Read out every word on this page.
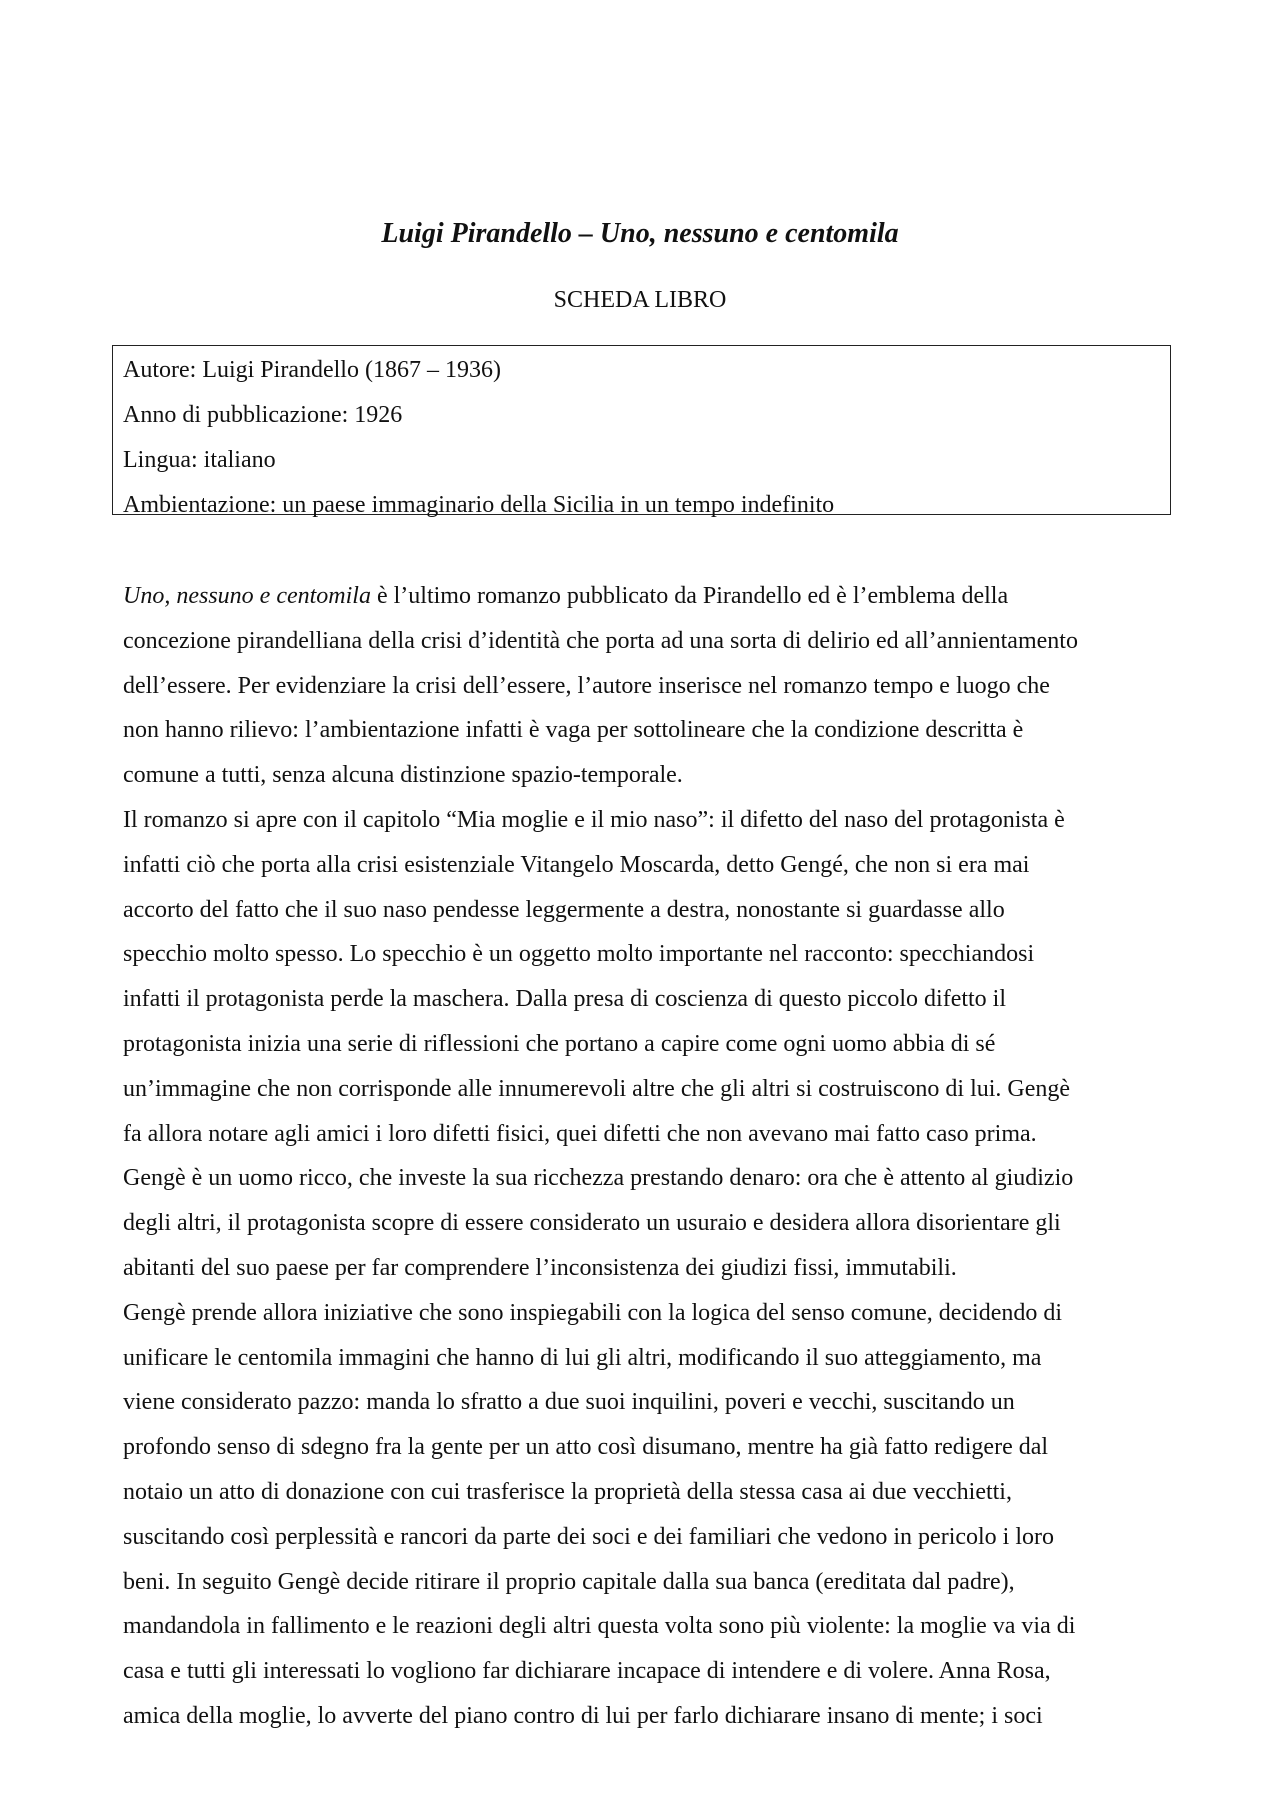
Luigi Pirandello – Uno, nessuno e centomila
SCHEDA LIBRO
Autore: Luigi Pirandello (1867 – 1936)
Anno di pubblicazione: 1926
Lingua: italiano
Ambientazione: un paese immaginario della Sicilia in un tempo indefinito
Uno, nessuno e centomila è l’ultimo romanzo pubblicato da Pirandello ed è l’emblema della
concezione pirandelliana della crisi d’identità che porta ad una sorta di delirio ed all’annientamento
dell’essere. Per evidenziare la crisi dell’essere, l’autore inserisce nel romanzo tempo e luogo che
non hanno rilievo: l’ambientazione infatti è vaga per sottolineare che la condizione descritta è
comune a tutti, senza alcuna distinzione spazio-temporale.
Il romanzo si apre con il capitolo “Mia moglie e il mio naso”: il difetto del naso del protagonista è
infatti ciò che porta alla crisi esistenziale Vitangelo Moscarda, detto Gengé, che non si era mai
accorto del fatto che il suo naso pendesse leggermente a destra, nonostante si guardasse allo
specchio molto spesso. Lo specchio è un oggetto molto importante nel racconto: specchiandosi
infatti il protagonista perde la maschera. Dalla presa di coscienza di questo piccolo difetto il
protagonista inizia una serie di riflessioni che portano a capire come ogni uomo abbia di sé
un’immagine che non corrisponde alle innumerevoli altre che gli altri si costruiscono di lui. Gengè
fa allora notare agli amici i loro difetti fisici, quei difetti che non avevano mai fatto caso prima.
Gengè è un uomo ricco, che investe la sua ricchezza prestando denaro: ora che è attento al giudizio
degli altri, il protagonista scopre di essere considerato un usuraio e desidera allora disorientare gli
abitanti del suo paese per far comprendere l’inconsistenza dei giudizi fissi, immutabili.
Gengè prende allora iniziative che sono inspiegabili con la logica del senso comune, decidendo di
unificare le centomila immagini che hanno di lui gli altri, modificando il suo atteggiamento, ma
viene considerato pazzo: manda lo sfratto a due suoi inquilini, poveri e vecchi, suscitando un
profondo senso di sdegno fra la gente per un atto così disumano, mentre ha già fatto redigere dal
notaio un atto di donazione con cui trasferisce la proprietà della stessa casa ai due vecchietti,
suscitando così perplessità e rancori da parte dei soci e dei familiari che vedono in pericolo i loro
beni. In seguito Gengè decide ritirare il proprio capitale dalla sua banca (ereditata dal padre),
mandandola in fallimento e le reazioni degli altri questa volta sono più violente: la moglie va via di
casa e tutti gli interessati lo vogliono far dichiarare incapace di intendere e di volere. Anna Rosa,
amica della moglie, lo avverte del piano contro di lui per farlo dichiarare insano di mente; i soci
